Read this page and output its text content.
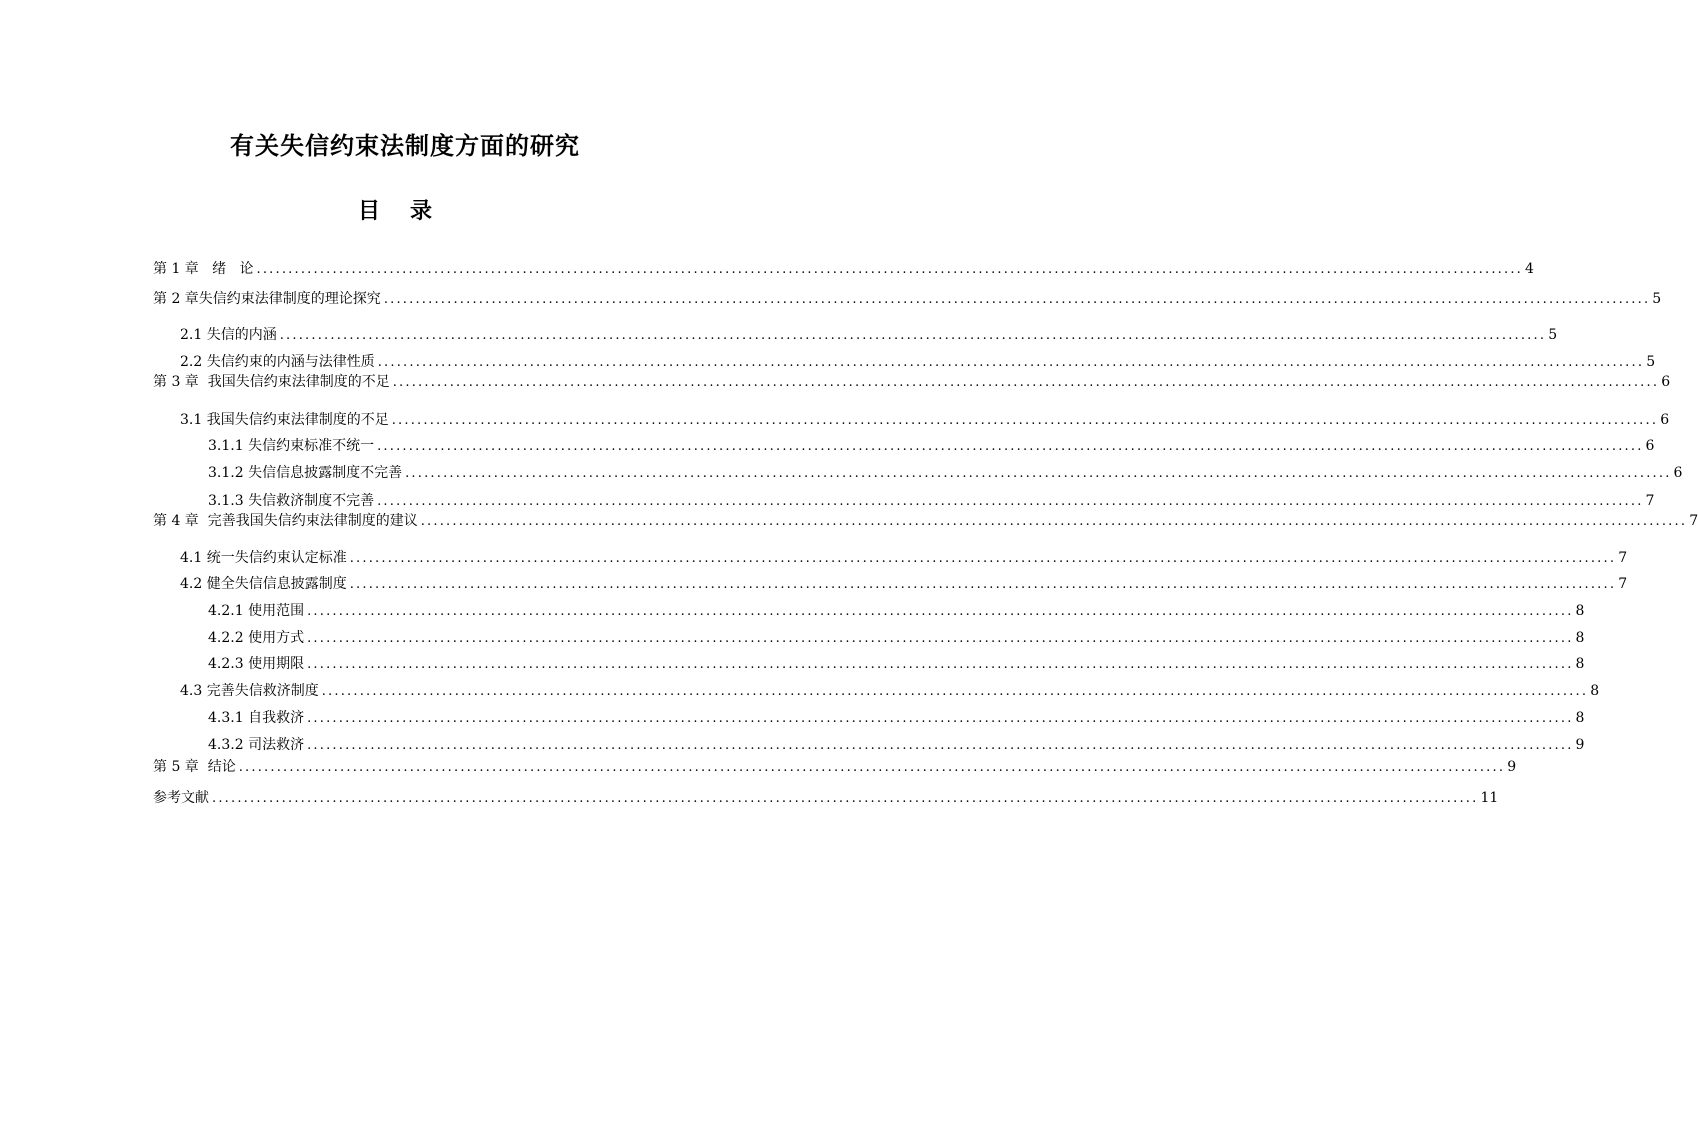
有关失信约束法制度方面的研究
目 录
第 1 章   绪   论 ........................................................................................................................................................................................................ 4
第 2 章失信约束法律制度的理论探究 ........................................................................................................................................................................................................ 5
2.1 失信的内涵 ........................................................................................................................................................................................................ 5
2.2 失信约束的内涵与法律性质 ........................................................................................................................................................................................................ 5
第 3 章  我国失信约束法律制度的不足 ........................................................................................................................................................................................................ 6
3.1 我国失信约束法律制度的不足 ........................................................................................................................................................................................................ 6
3.1.1 失信约束标准不统一 ........................................................................................................................................................................................................ 6
3.1.2 失信信息披露制度不完善 ........................................................................................................................................................................................................ 6
3.1.3 失信救济制度不完善 ........................................................................................................................................................................................................ 7
第 4 章  完善我国失信约束法律制度的建议 ........................................................................................................................................................................................................ 7
4.1 统一失信约束认定标准 ........................................................................................................................................................................................................ 7
4.2 健全失信信息披露制度 ........................................................................................................................................................................................................ 7
4.2.1 使用范围 ........................................................................................................................................................................................................ 8
4.2.2 使用方式 ........................................................................................................................................................................................................ 8
4.2.3 使用期限 ........................................................................................................................................................................................................ 8
4.3 完善失信救济制度 ........................................................................................................................................................................................................ 8
4.3.1 自我救济 ........................................................................................................................................................................................................ 8
4.3.2 司法救济 ........................................................................................................................................................................................................ 9
第 5 章  结论 ........................................................................................................................................................................................................ 9
参考文献 ........................................................................................................................................................................................................ 11
